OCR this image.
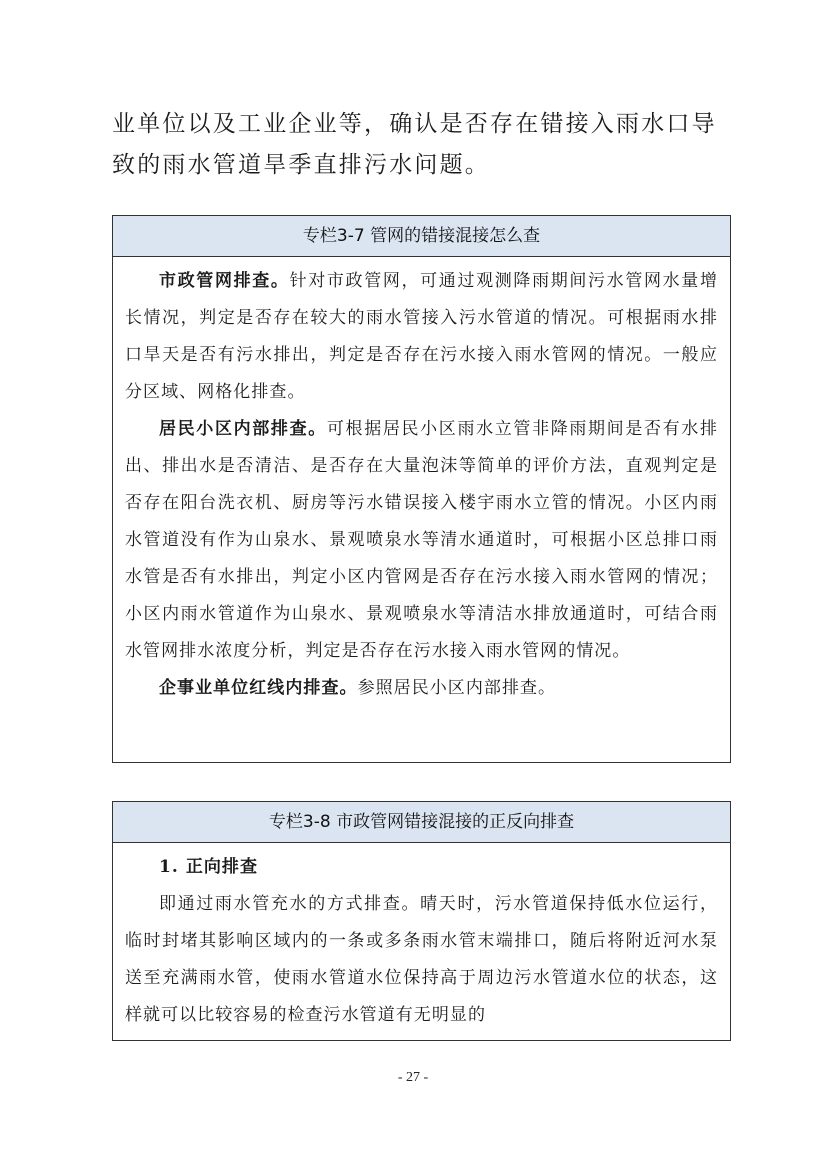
业单位以及工业企业等，确认是否存在错接入雨水口导致的雨水管道旱季直排污水问题。

专栏3-7 管网的错接混接怎么查

市政管网排查。针对市政管网，可通过观测降雨期间污水管网水量增长情况，判定是否存在较大的雨水管接入污水管道的情况。可根据雨水排口旱天是否有污水排出，判定是否存在污水接入雨水管网的情况。一般应分区域、网格化排查。

居民小区内部排查。可根据居民小区雨水立管非降雨期间是否有水排出、排出水是否清洁、是否存在大量泡沫等简单的评价方法，直观判定是否存在阳台洗衣机、厨房等污水错误接入楼宇雨水立管的情况。小区内雨水管道没有作为山泉水、景观喷泉水等清水通道时，可根据小区总排口雨水管是否有水排出，判定小区内管网是否存在污水接入雨水管网的情况；小区内雨水管道作为山泉水、景观喷泉水等清洁水排放通道时，可结合雨水管网排水浓度分析，判定是否存在污水接入雨水管网的情况。

企事业单位红线内排查。参照居民小区内部排查。

专栏3-8 市政管网错接混接的正反向排查

1. 正向排查

即通过雨水管充水的方式排查。晴天时，污水管道保持低水位运行，临时封堵其影响区域内的一条或多条雨水管末端排口，随后将附近河水泵送至充满雨水管，使雨水管道水位保持高于周边污水管道水位的状态，这样就可以比较容易的检查污水管道有无明显的

- 27 -
